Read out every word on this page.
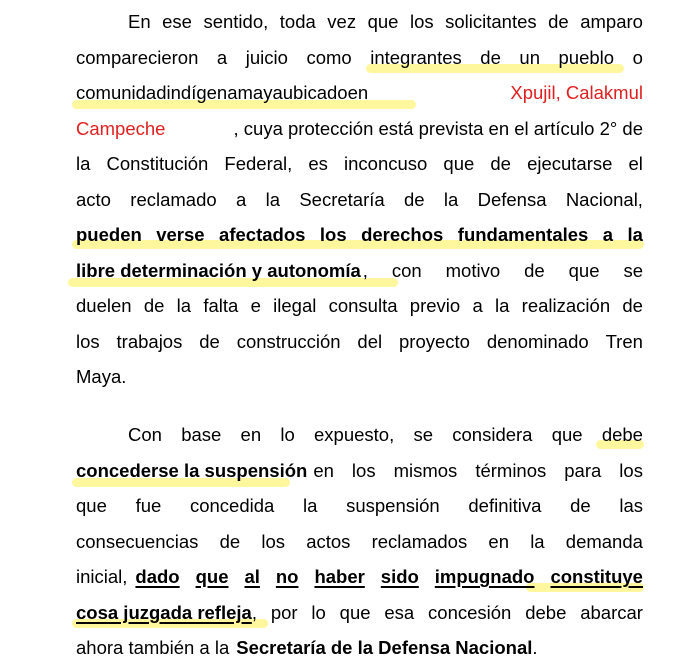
En ese sentido, toda vez que los solicitantes de amparo
comparecieron a juicio como integrantes de un pueblo o
comunidadindígenamayaubicadoen	Xpujil, Calakmul
Campeche	, cuya protección está prevista en el artículo 2° de
la Constitución Federal, es inconcuso que de ejecutarse el
acto reclamado a la Secretaría de la Defensa Nacional,
pueden verse afectados los derechos fundamentales a la
libre determinación y autonomía , con motivo de que se
duelen de la falta e ilegal consulta previo a la realización de
los trabajos de construcción del proyecto denominado Tren
Maya.
Con base en lo expuesto, se considera que debe
concederse la suspensión en los mismos términos para los
que fue concedida la suspensión definitiva de las
consecuencias de los actos reclamados en la demanda
inicial, dado que al no haber sido impugnado constituye
cosa juzgada refleja , por lo que esa concesión debe abarcar
ahora también a la Secretaría de la Defensa Nacional .
